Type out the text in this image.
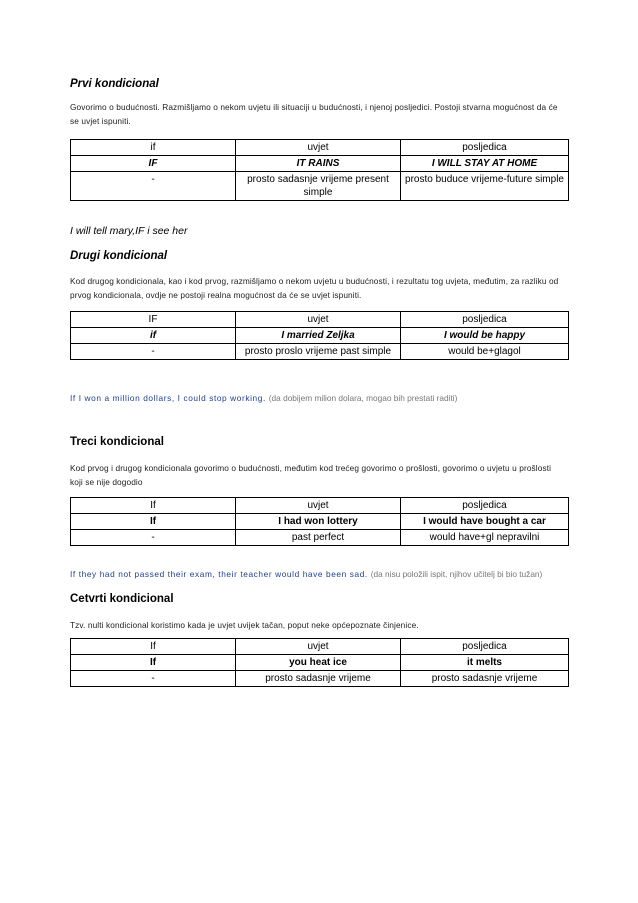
Prvi kondicional
Govorimo o budućnosti. Razmišljamo o nekom uvjetu ili situaciji u budućnosti, i njenoj posljedici. Postoji stvarna mogućnost da će se uvjet ispuniti.
if	uvjet	posljedica
IF	IT RAINS	I WILL STAY AT HOME
-	prosto sadasnje vrijeme present simple	prosto buduce vrijeme-future simple
I will tell mary,IF i see her
Drugi kondicional
Kod drugog kondicionala, kao i kod prvog, razmišljamo o nekom uvjetu u budućnosti, i rezultatu tog uvjeta, međutim, za razliku od prvog kondicionala, ovdje ne postoji realna mogućnost da će se uvjet ispuniti.
IF	uvjet	posljedica
if	I married Zeljka	I would be happy
-	prosto proslo vrijeme past simple	would be+glagol
If I won a million dollars, I could stop working. (da dobijem milion dolara, mogao bih prestati raditi)
Treci kondicional
Kod prvog i drugog kondicionala govorimo o budućnosti, međutim kod trećeg govorimo o prošlosti, govorimo o uvjetu u prošlosti koji se nije dogodio
If	uvjet	posljedica
If	I had won lottery	I would have bought a car
-	past perfect	would have+gl nepravilni
If they had not passed their exam, their teacher would have been sad. (da nisu položili ispit, njihov učitelj bi bio tužan)
Cetvrti kondicional
Tzv. nulti kondicional koristimo kada je uvjet uvijek tačan, poput neke općepoznate činjenice.
If	uvjet	posljedica
If	you heat ice	it melts
-	prosto sadasnje vrijeme	prosto sadasnje vrijeme
